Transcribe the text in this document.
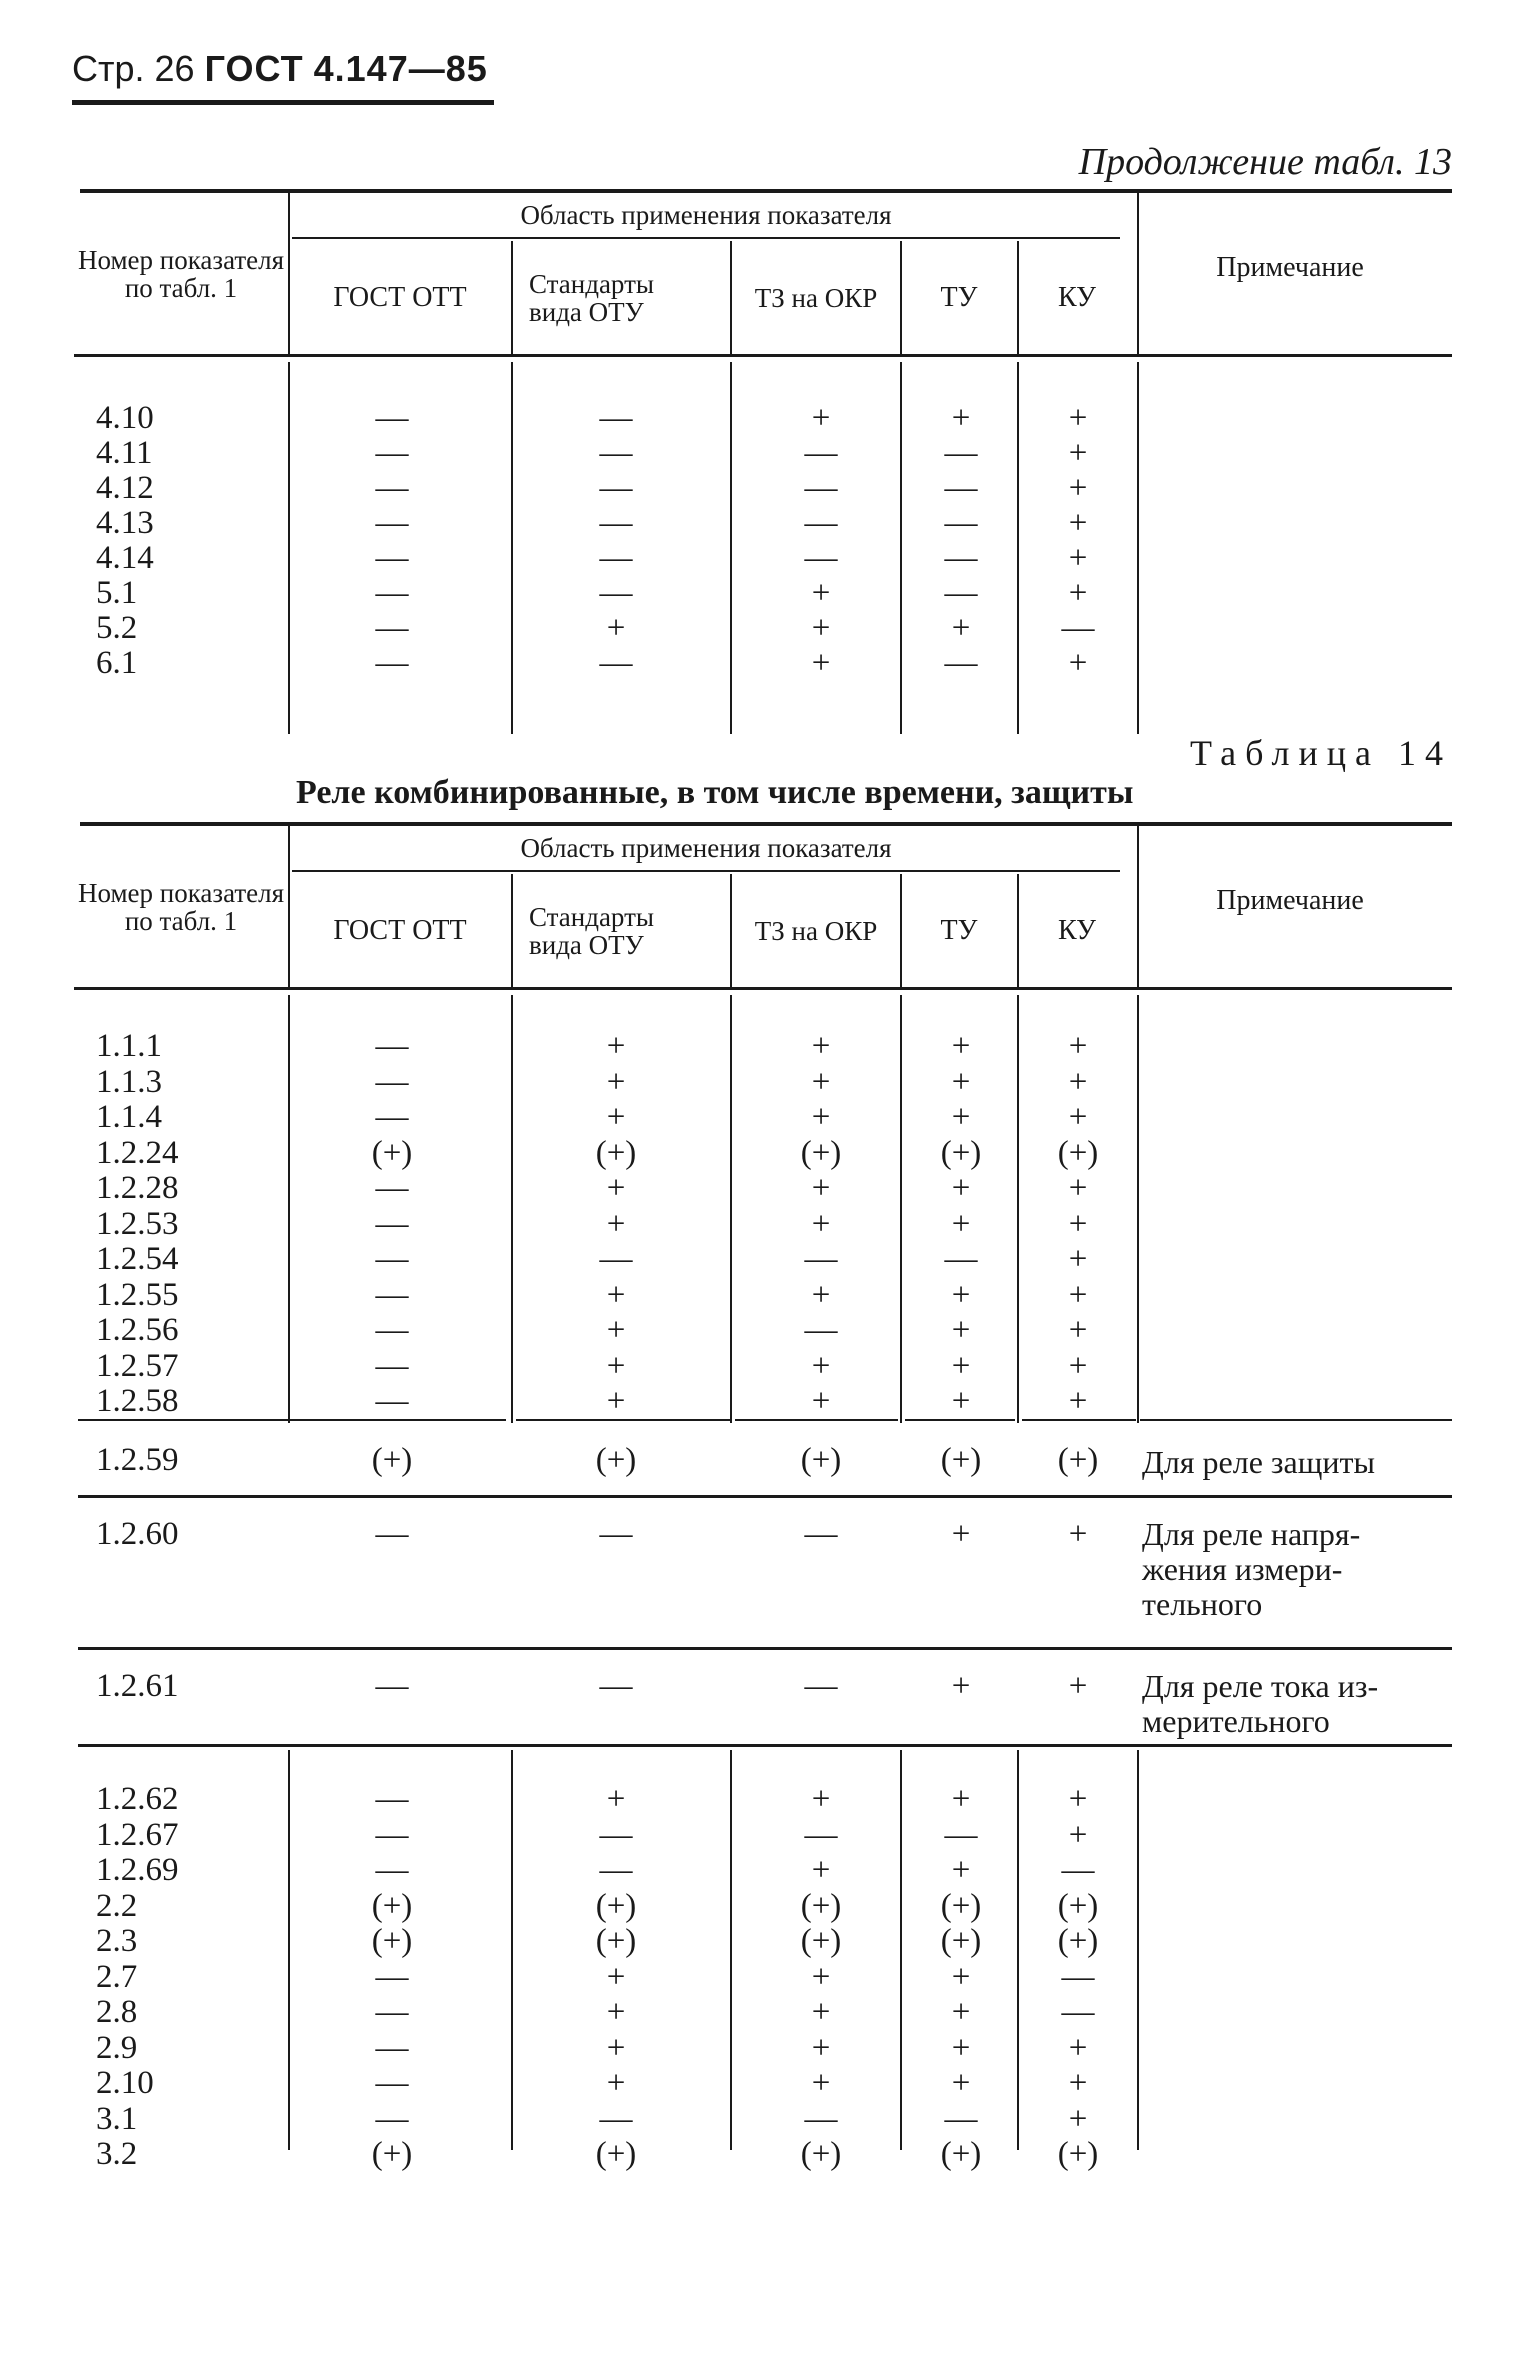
Стр. 26 ГОСТ 4.147—85
Продолжение табл. 13
Номер показателя по табл. 1
Область применения показателя
ГОСТ ОТТ	Стандарты вида ОТУ	ТЗ на ОКР	ТУ	КУ
Примечание
4.10	—	—	+	+	+
4.11	—	—	—	—	+
4.12	—	—	—	—	+
4.13	—	—	—	—	+
4.14	—	—	—	—	+
5.1	—	—	+	—	+
5.2	—	+	+	+	—
6.1	—	—	+	—	+
Таблица 14
Реле комбинированные, в том числе времени, защиты
Номер показателя по табл. 1
Область применения показателя
ГОСТ ОТТ	Стандарты вида ОТУ	ТЗ на ОКР	ТУ	КУ
Примечание
1.1.1	—	+	+	+	+
1.1.3	—	+	+	+	+
1.1.4	—	+	+	+	+
1.2.24	(+)	(+)	(+)	(+)	(+)
1.2.28	—	+	+	+	+
1.2.53	—	+	+	+	+
1.2.54	—	—	—	—	+
1.2.55	—	+	+	+	+
1.2.56	—	+	—	+	+
1.2.57	—	+	+	+	+
1.2.58	—	+	+	+	+
1.2.59	(+)	(+)	(+)	(+)	(+)	Для реле защиты
1.2.60	—	—	—	+	+	Для реле напря-
жения измери-
тельного
1.2.61	—	—	—	+	+	Для реле тока из-
мерительного
1.2.62	—	+	+	+	+
1.2.67	—	—	—	—	+
1.2.69	—	—	+	+	—
2.2	(+)	(+)	(+)	(+)	(+)
2.3	(+)	(+)	(+)	(+)	(+)
2.7	—	+	+	+	—
2.8	—	+	+	+	—
2.9	—	+	+	+	+
2.10	—	+	+	+	+
3.1	—	—	—	—	+
3.2	(+)	(+)	(+)	(+)	(+)
